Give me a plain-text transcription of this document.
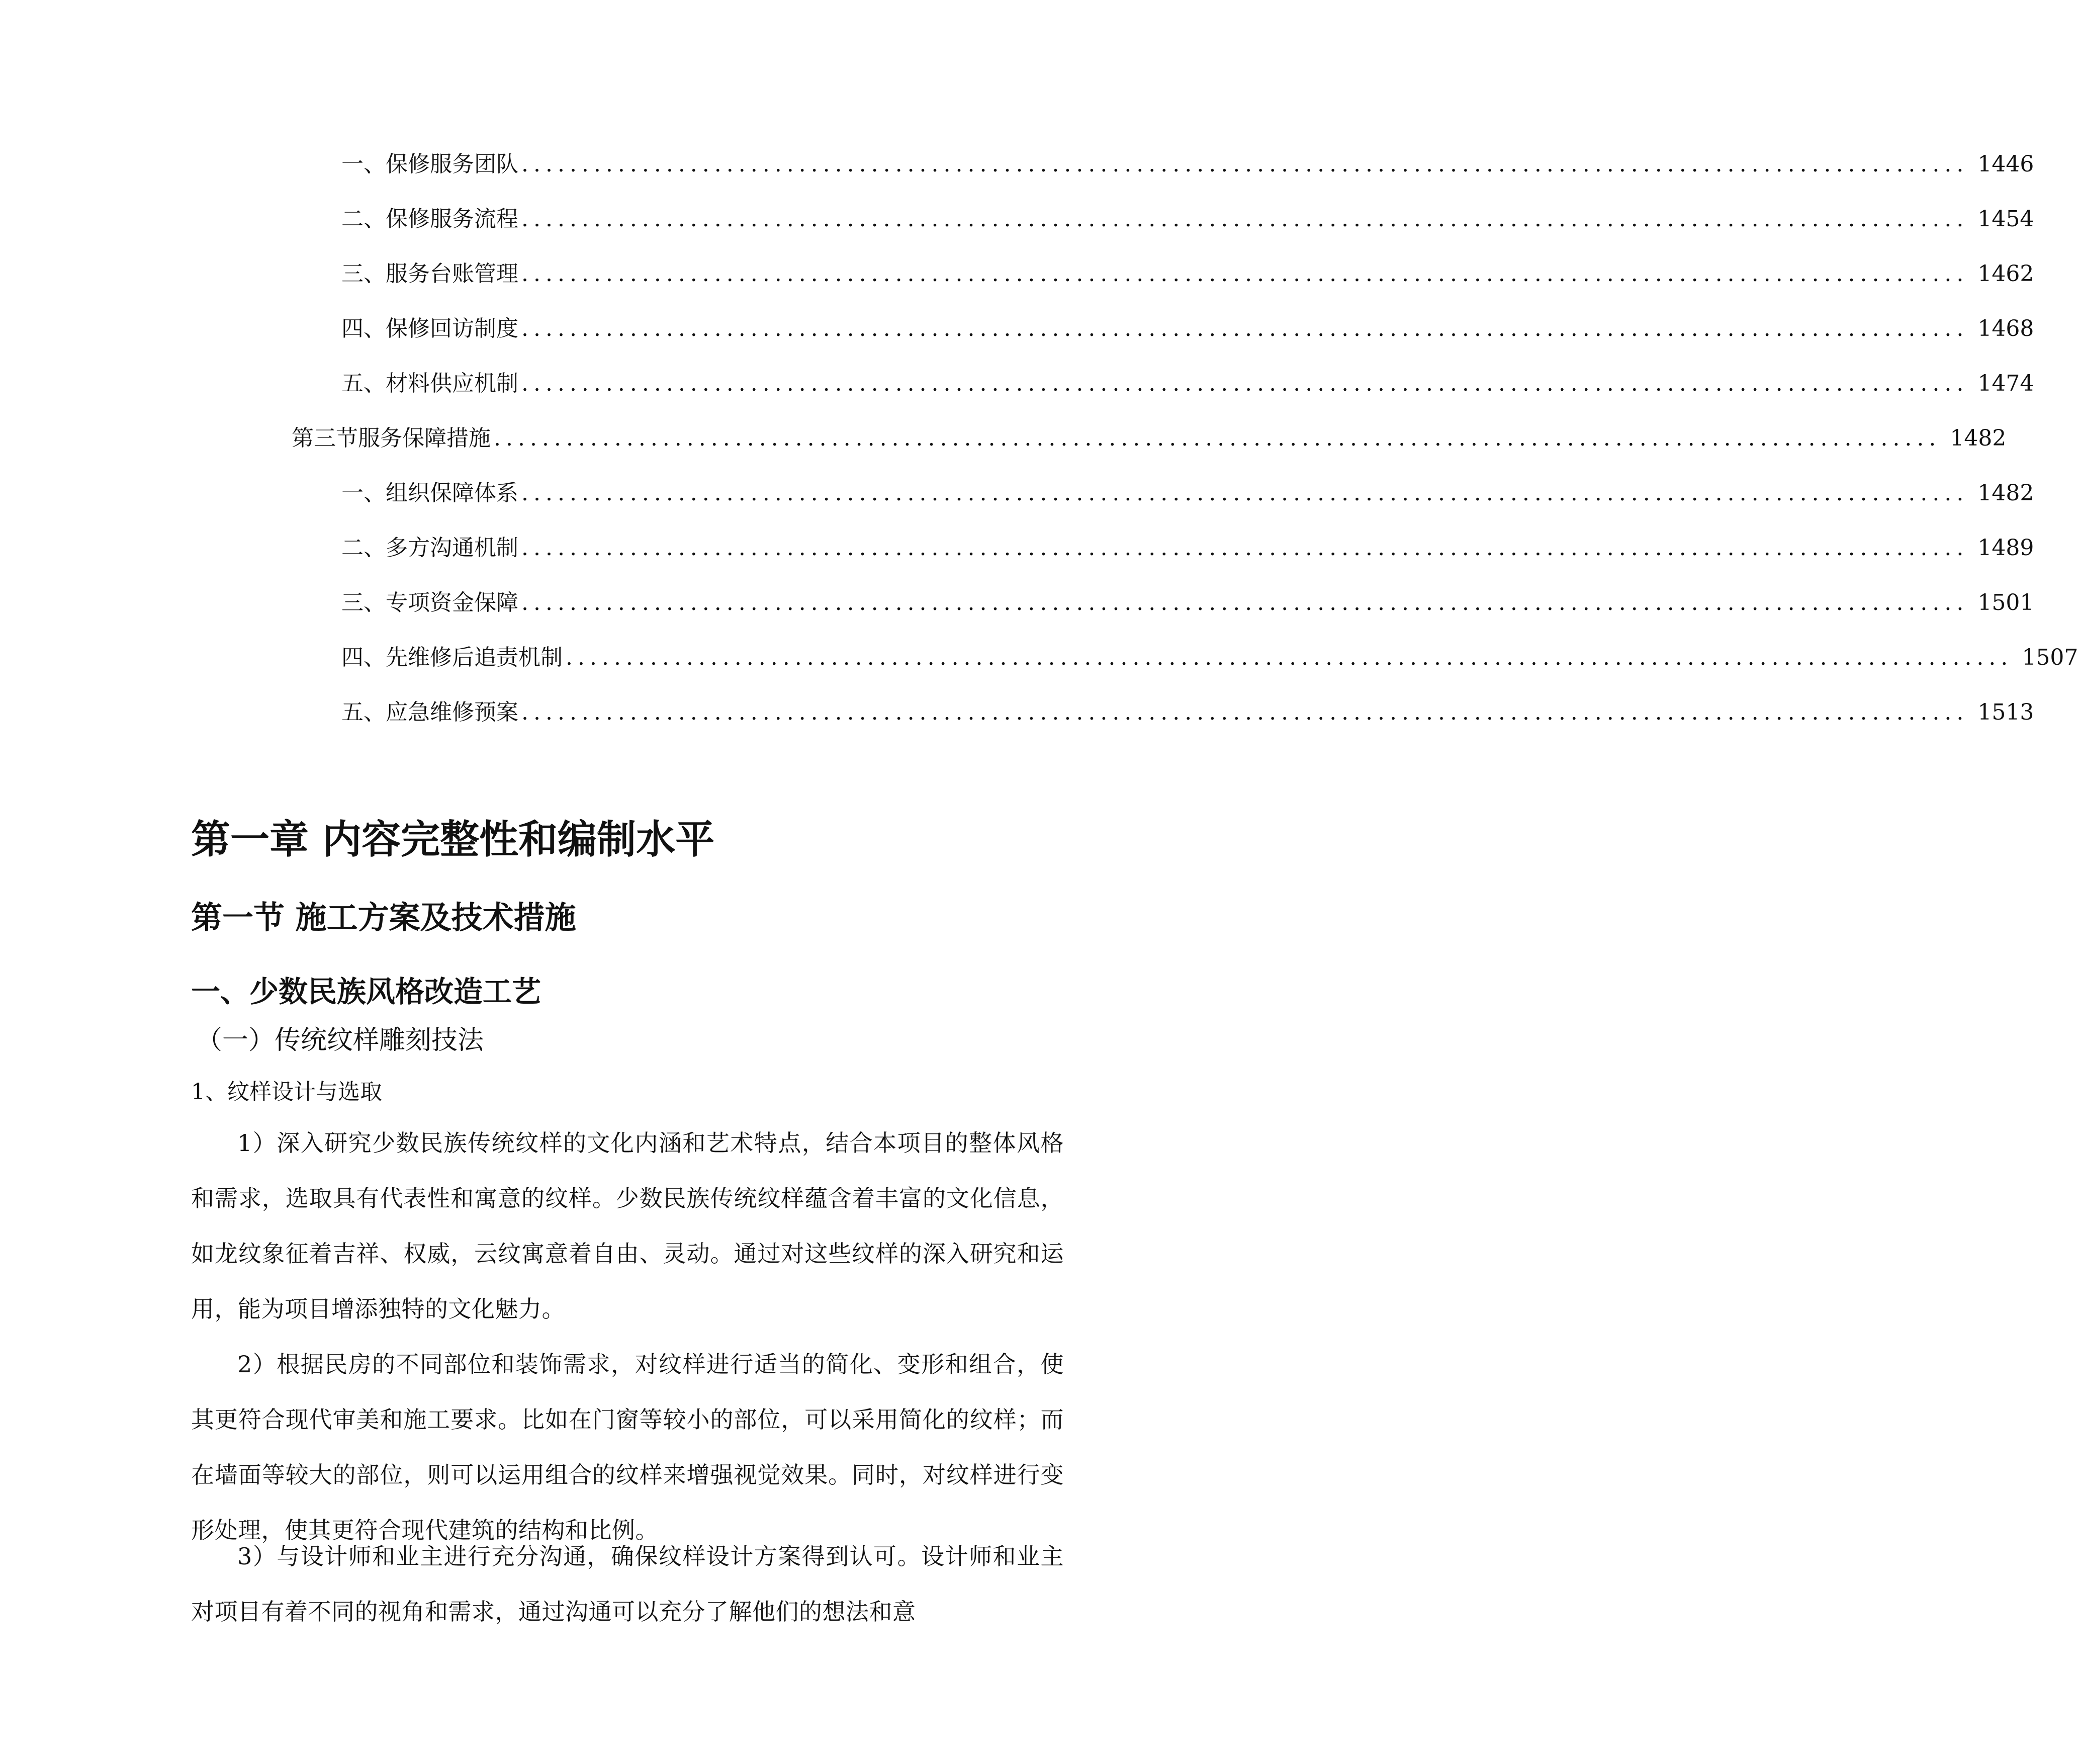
一、 保修服务团队 ........................................................................................................................ 1446
二、 保修服务流程 ........................................................................................................................ 1454
三、 服务台账管理 ........................................................................................................................ 1462
四、 保修回访制度 ........................................................................................................................ 1468
五、 材料供应机制 ........................................................................................................................ 1474
第三节 服务保障措施 ........................................................................................................................ 1482
一、 组织保障体系 ........................................................................................................................ 1482
二、 多方沟通机制 ........................................................................................................................ 1489
三、 专项资金保障 ........................................................................................................................ 1501
四、 先维修后追责机制 ........................................................................................................................ 1507
五、 应急维修预案 ........................................................................................................................ 1513
第一章 内容完整性和编制水平
第一节 施工方案及技术措施
一、少数民族风格改造工艺
（一）传统纹样雕刻技法
1、纹样设计与选取

1）深入研究少数民族传统纹样的文化内涵和艺术特点，结合本项目的整体风格和需求，选取具有代表性和寓意的纹样。少数民族传统纹样蕴含着丰富的文化信息，如龙纹象征着吉祥、权威，云纹寓意着自由、灵动。通过对这些纹样的深入研究和运用，能为项目增添独特的文化魅力。

2）根据民房的不同部位和装饰需求，对纹样进行适当的简化、变形和组合，使其更符合现代审美和施工要求。比如在门窗等较小的部位，可以采用简化的纹样；而在墙面等较大的部位，则可以运用组合的纹样来增强视觉效果。同时，对纹样进行变形处理，使其更符合现代建筑的结构和比例。

3）与设计师和业主进行充分沟通，确保纹样设计方案得到认可。设计师和业主对项目有着不同的视角和需求，通过沟通可以充分了解他们的想法和意
